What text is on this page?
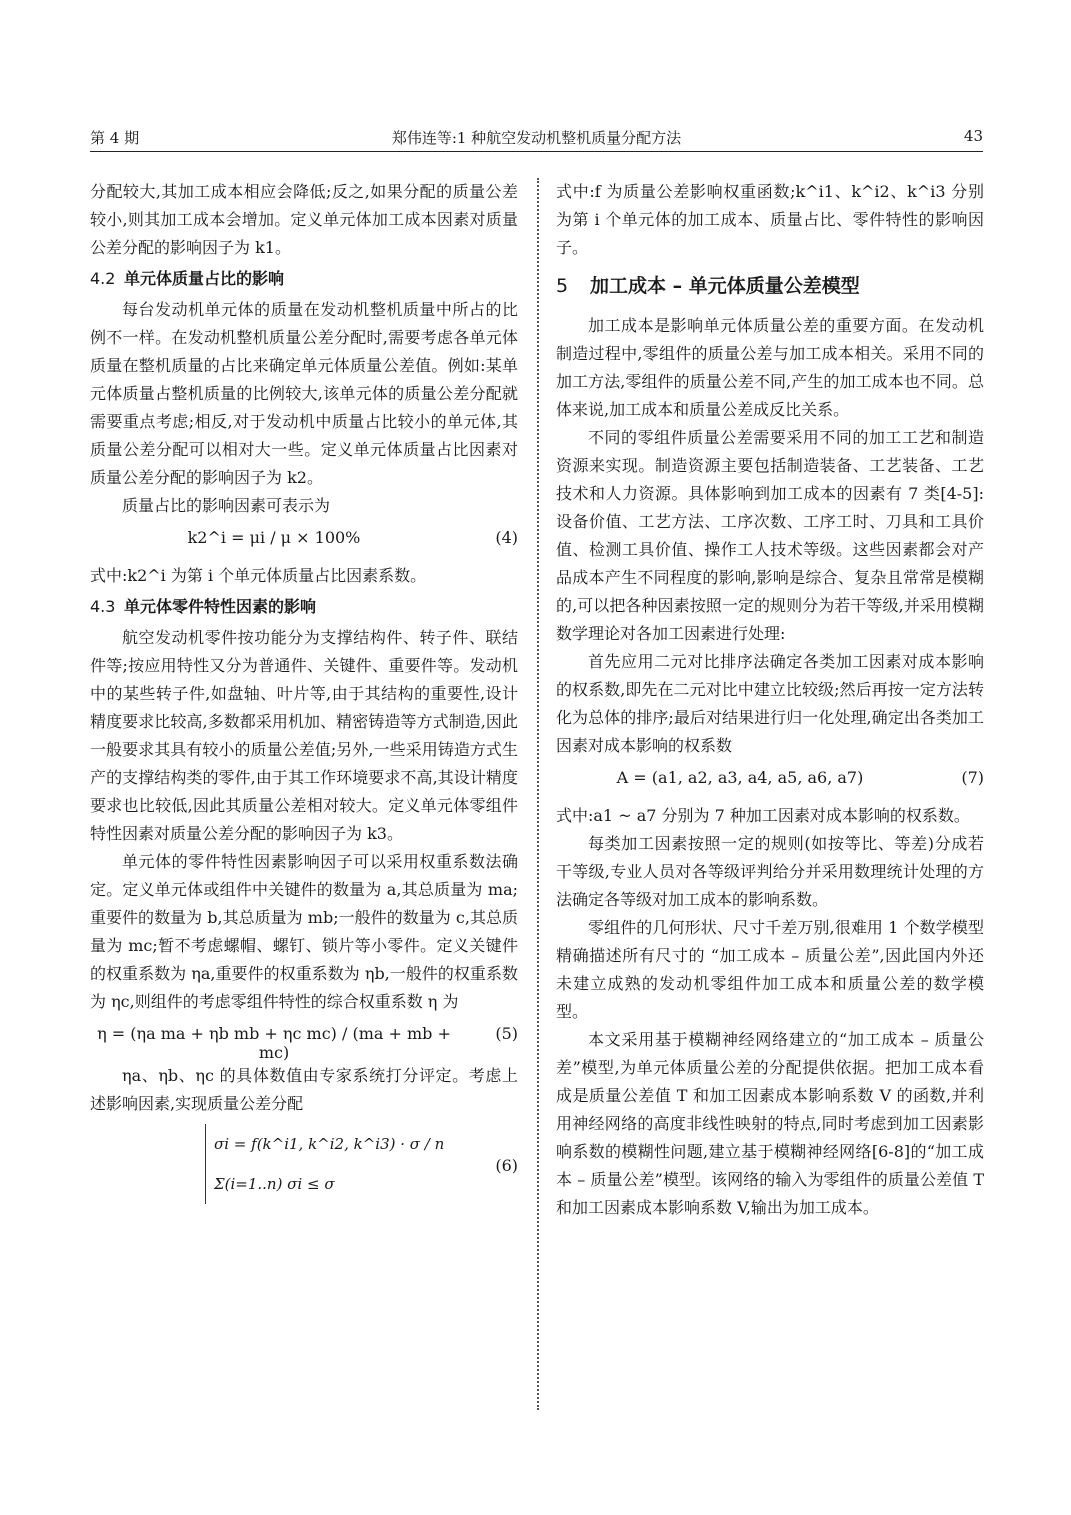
第 4 期	郑伟连等:1 种航空发动机整机质量分配方法	43

分配较大,其加工成本相应会降低;反之,如果分配的质量公差较小,则其加工成本会增加。定义单元体加工成本因素对质量公差分配的影响因子为 k1。

4.2 单元体质量占比的影响

每台发动机单元体的质量在发动机整机质量中所占的比例不一样。在发动机整机质量公差分配时,需要考虑各单元体质量在整机质量的占比来确定单元体质量公差值。例如:某单元体质量占整机质量的比例较大,该单元体的质量公差分配就需要重点考虑;相反,对于发动机中质量占比较小的单元体,其质量公差分配可以相对大一些。定义单元体质量占比因素对质量公差分配的影响因子为 k2。

质量占比的影响因素可表示为

k2^i = μi / μ × 100%	(4)

式中:k2^i 为第 i 个单元体质量占比因素系数。

4.3 单元体零件特性因素的影响

航空发动机零件按功能分为支撑结构件、转子件、联结件等;按应用特性又分为普通件、关键件、重要件等。发动机中的某些转子件,如盘轴、叶片等,由于其结构的重要性,设计精度要求比较高,多数都采用机加、精密铸造等方式制造,因此一般要求其具有较小的质量公差值;另外,一些采用铸造方式生产的支撑结构类的零件,由于其工作环境要求不高,其设计精度要求也比较低,因此其质量公差相对较大。定义单元体零组件特性因素对质量公差分配的影响因子为 k3。

单元体的零件特性因素影响因子可以采用权重系数法确定。定义单元体或组件中关键件的数量为 a,其总质量为 ma;重要件的数量为 b,其总质量为 mb;一般件的数量为 c,其总质量为 mc;暂不考虑螺帽、螺钉、锁片等小零件。定义关键件的权重系数为 ηa,重要件的权重系数为 ηb,一般件的权重系数为 ηc,则组件的考虑零组件特性的综合权重系数 η 为

η = (ηa ma + ηb mb + ηc mc) / (ma + mb + mc)
(5)

ηa、ηb、ηc 的具体数值由专家系统打分评定。考虑上述影响因素,实现质量公差分配

σi = f(k^i1, k^i2, k^i3) · σ / n
Σ(i=1..n) σi ≤ σ
(6)

式中:f 为质量公差影响权重函数;k^i1、k^i2、k^i3 分别为第 i 个单元体的加工成本、质量占比、零件特性的影响因子。

5 加工成本 – 单元体质量公差模型

加工成本是影响单元体质量公差的重要方面。在发动机制造过程中,零组件的质量公差与加工成本相关。采用不同的加工方法,零组件的质量公差不同,产生的加工成本也不同。总体来说,加工成本和质量公差成反比关系。

不同的零组件质量公差需要采用不同的加工工艺和制造资源来实现。制造资源主要包括制造装备、工艺装备、工艺技术和人力资源。具体影响到加工成本的因素有 7 类[4-5]:设备价值、工艺方法、工序次数、工序工时、刀具和工具价值、检测工具价值、操作工人技术等级。这些因素都会对产品成本产生不同程度的影响,影响是综合、复杂且常常是模糊的,可以把各种因素按照一定的规则分为若干等级,并采用模糊数学理论对各加工因素进行处理:

首先应用二元对比排序法确定各类加工因素对成本影响的权系数,即先在二元对比中建立比较级;然后再按一定方法转化为总体的排序;最后对结果进行归一化处理,确定出各类加工因素对成本影响的权系数

A = (a1, a2, a3, a4, a5, a6, a7)	(7)

式中:a1 ~ a7 分别为 7 种加工因素对成本影响的权系数。

每类加工因素按照一定的规则(如按等比、等差)分成若干等级,专业人员对各等级评判给分并采用数理统计处理的方法确定各等级对加工成本的影响系数。

零组件的几何形状、尺寸千差万别,很难用 1 个数学模型精确描述所有尺寸的 “加工成本 – 质量公差”,因此国内外还未建立成熟的发动机零组件加工成本和质量公差的数学模型。

本文采用基于模糊神经网络建立的“加工成本 – 质量公差”模型,为单元体质量公差的分配提供依据。把加工成本看成是质量公差值 T 和加工因素成本影响系数 V 的函数,并利用神经网络的高度非线性映射的特点,同时考虑到加工因素影响系数的模糊性问题,建立基于模糊神经网络[6-8]的“加工成本 – 质量公差”模型。该网络的输入为零组件的质量公差值 T 和加工因素成本影响系数 V,输出为加工成本。
